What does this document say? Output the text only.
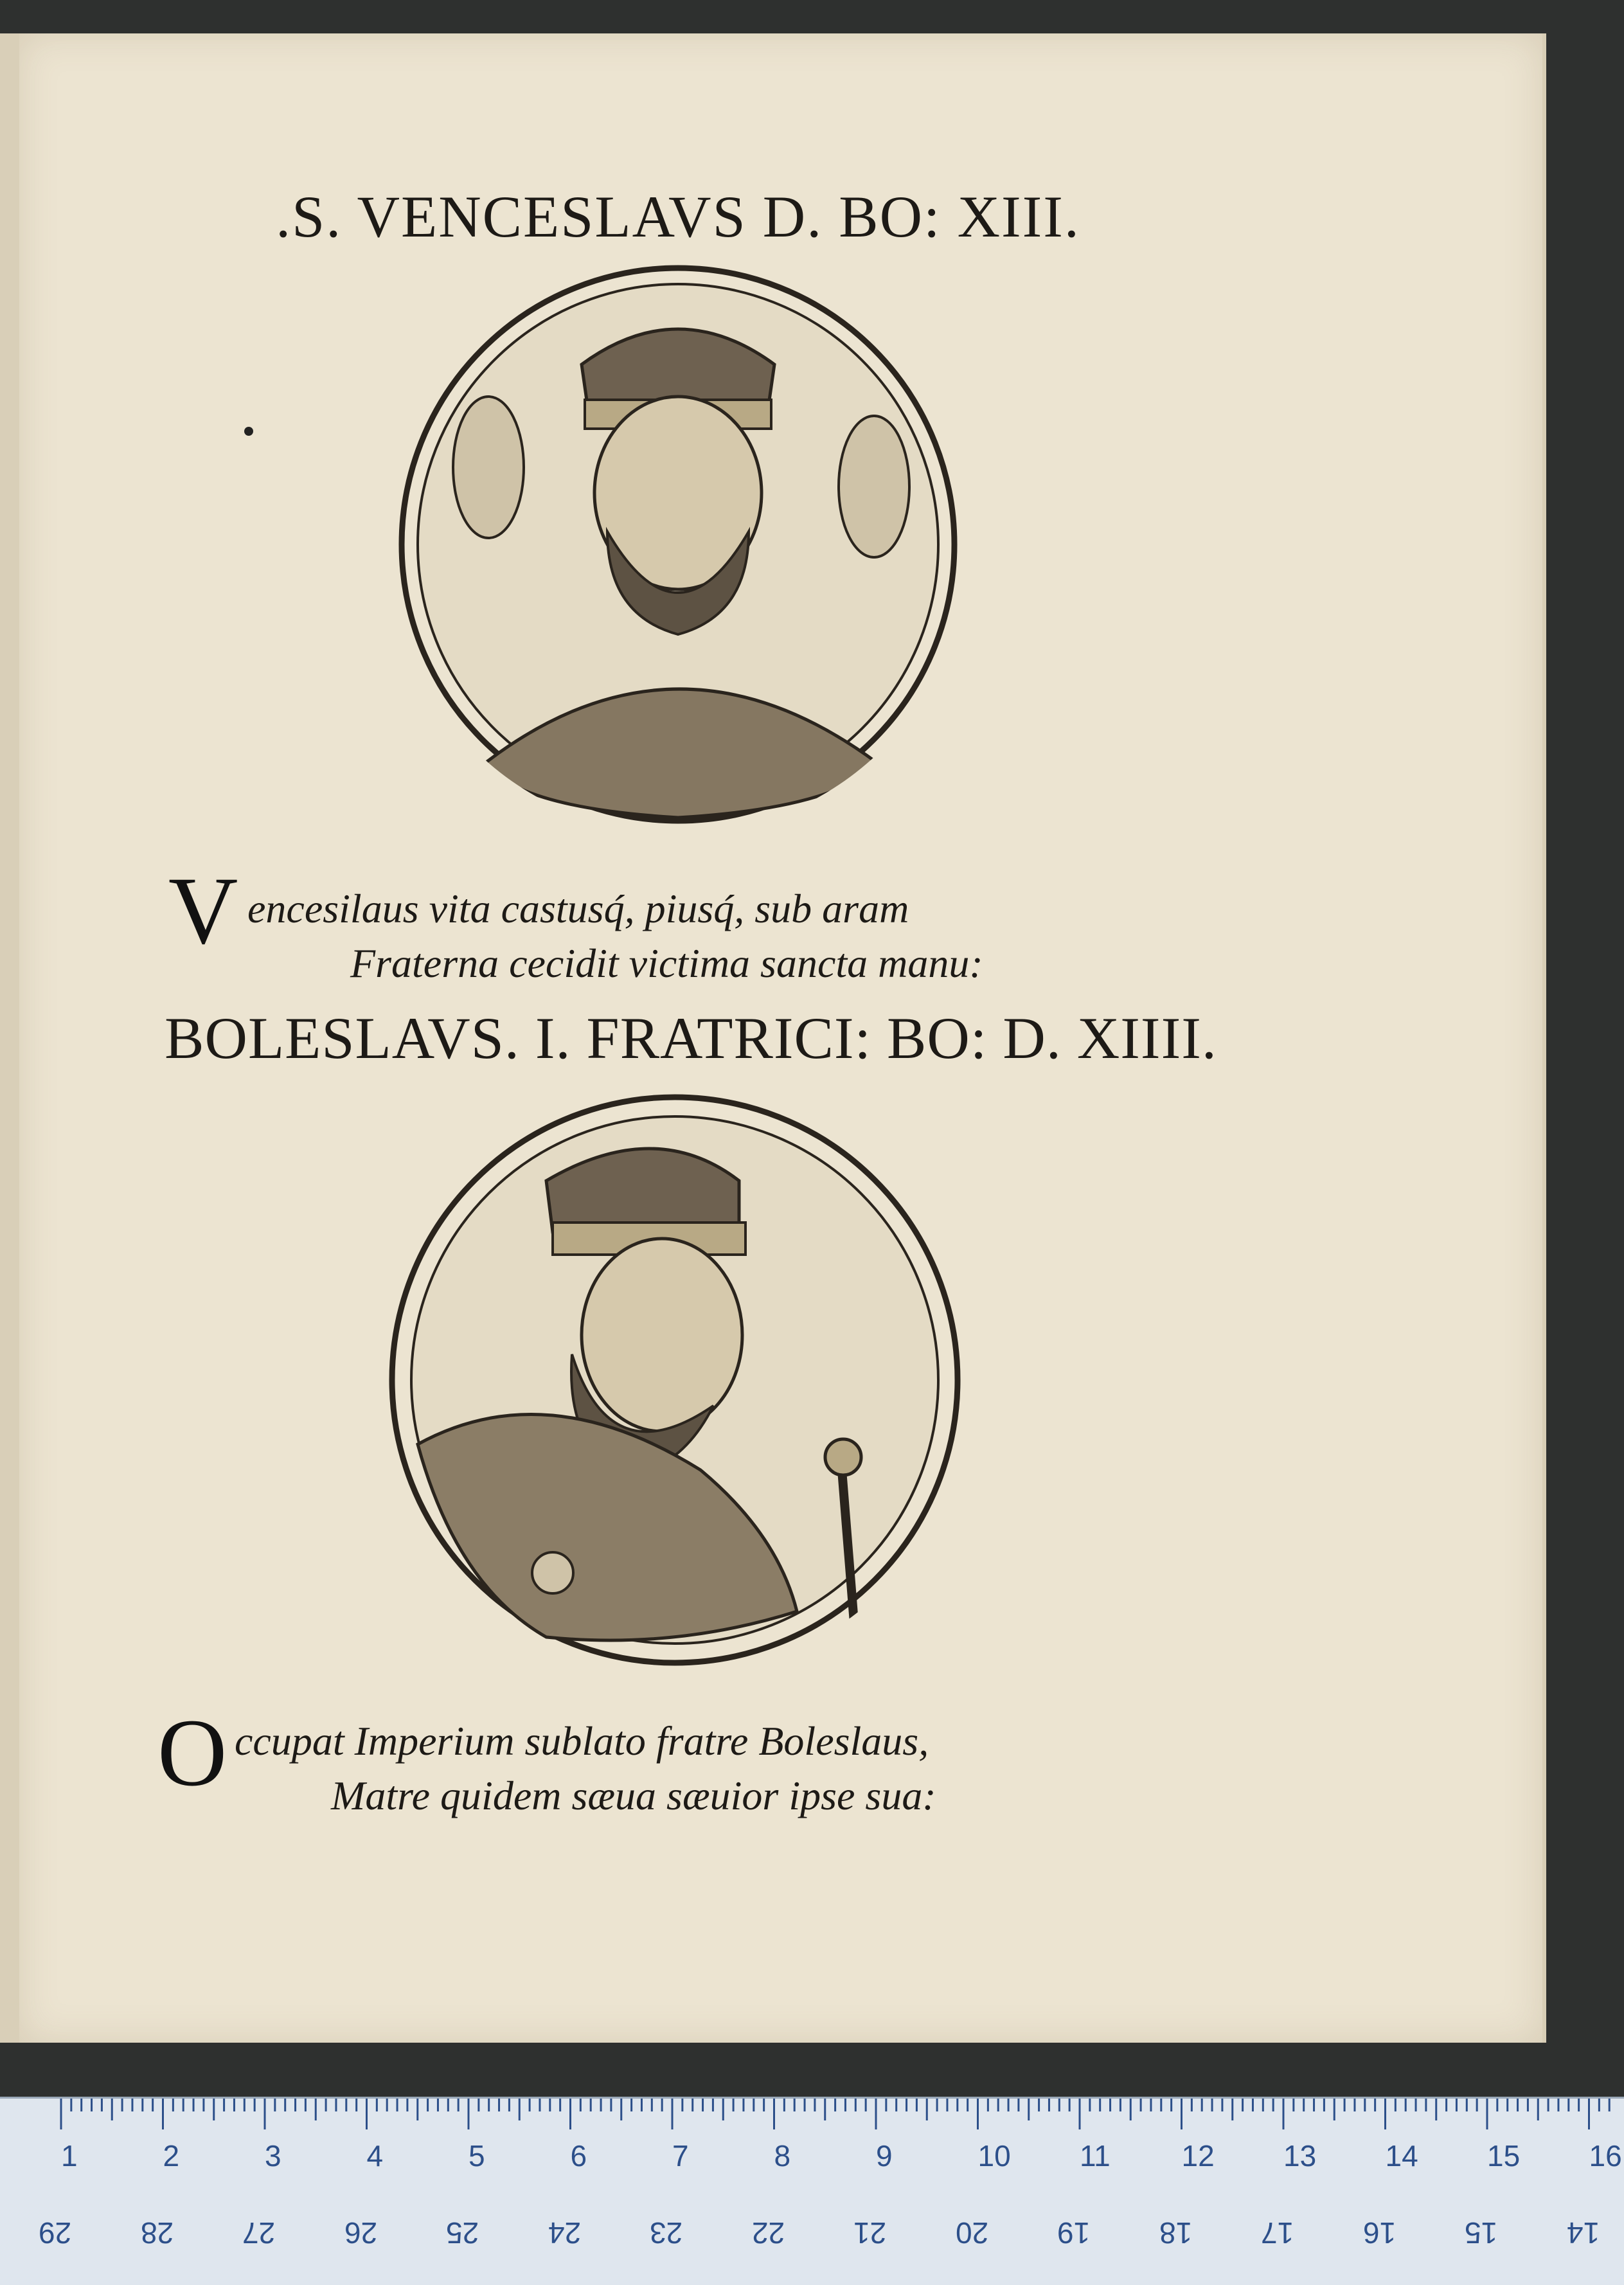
.S. VENCESLAVS D. BO: XIII.
V encesilaus vita castusq́, piusq́, sub aram
Fraterna cecidit victima sancta manu:
BOLESLAVS. I. FRATRICI: BO: D. XIIII.
O ccupat Imperium sublato fratre Boleslaus,
Matre quidem sæua sæuior ipse sua:
1	2	3	4	5	6	7	8	9	10 11 12 13 14 15 16
29 28 27 26 25 24 23 22 21 20 19 18 17 16 15 14
